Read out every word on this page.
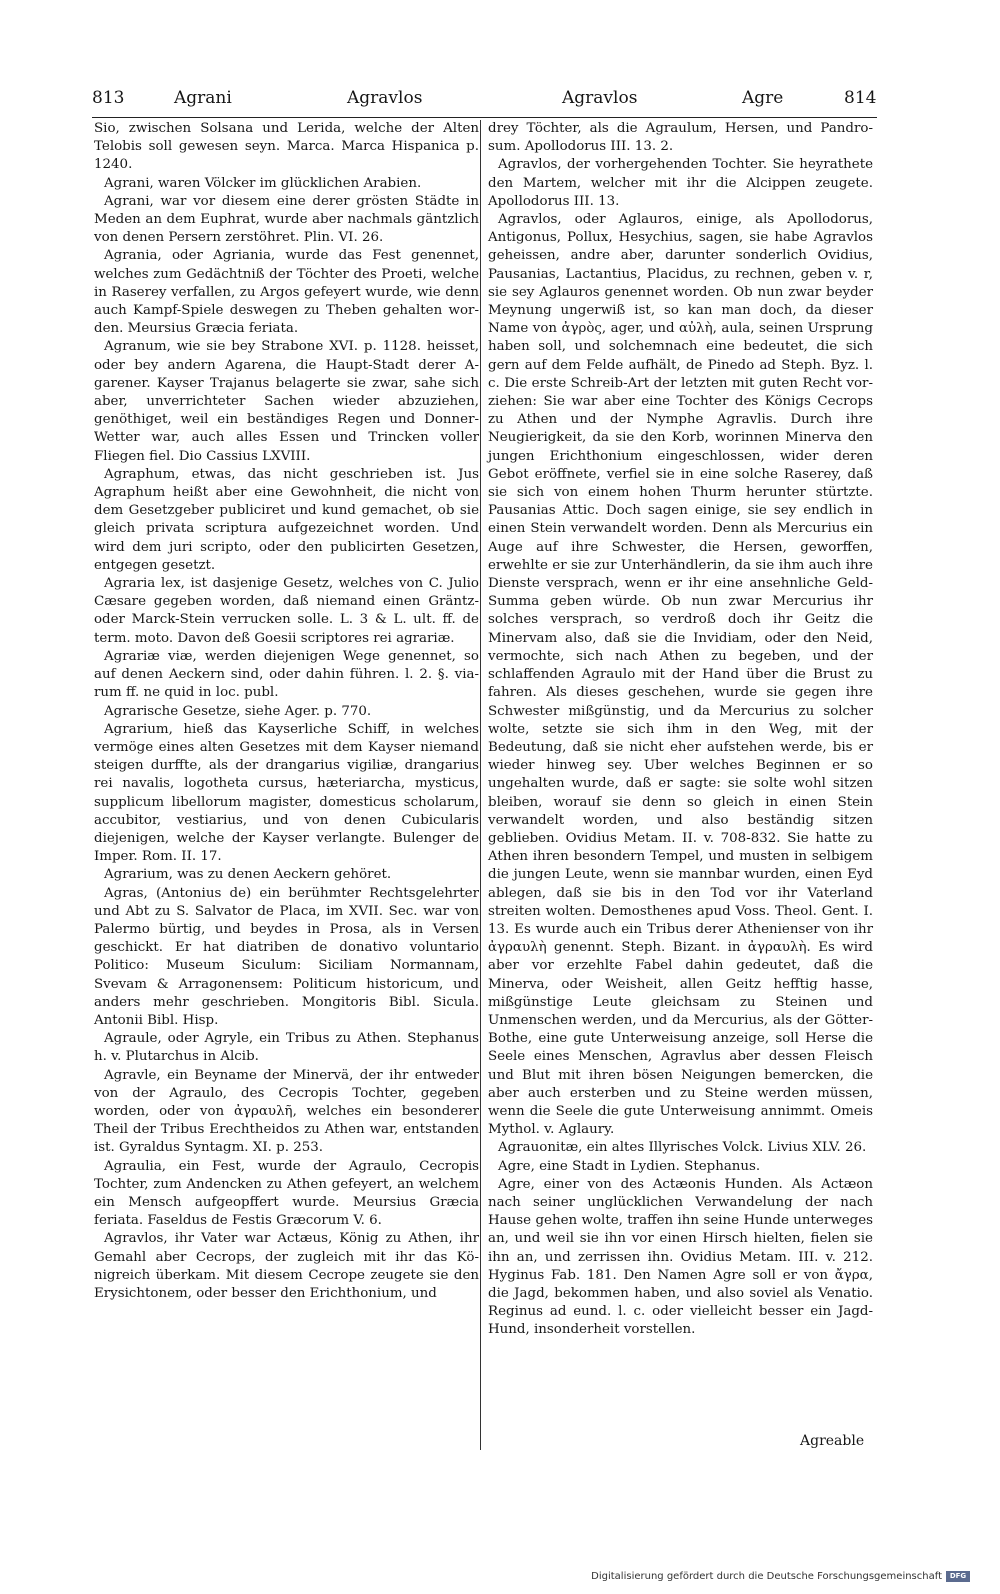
813	Agrani	Agravlos	Agravlos	Agre	814

Sio, zwischen Solsana und Lerida, welche der Alten Telobis soll gewesen seyn. Marca. Marca Hispanica p. 1240.

Agrani, waren Völcker im glücklichen Arabien.

Agrani, war vor diesem eine derer grösten Städte in Meden an dem Euphrat, wurde aber nachmals gäntzlich von denen Persern zerstöhret. Plin. VI. 26.

Agrania, oder Agriania, wurde das Fest genennet, welches zum Gedächtniß der Töchter des Proeti, welche in Raserey verfallen, zu Argos gefeyert wurde, wie denn auch Kampf-Spiele deswegen zu Theben gehalten worden. Meursius Græcia feriata.

Agranum, wie sie bey Strabone XVI. p. 1128. heisset, oder bey andern Agarena, die Haupt-Stadt derer Agarener. Kayser Trajanus belagerte sie zwar, sahe sich aber, unverrichteter Sachen wieder abzuziehen, genöthiget, weil ein beständiges Regen und Donner-Wetter war, auch alles Essen und Trincken voller Fliegen fiel. Dio Cassius LXVIII.

Agraphum, etwas, das nicht geschrieben ist. Jus Agraphum heißt aber eine Gewohnheit, die nicht von dem Gesetzgeber publiciret und kund gemachet, ob sie gleich privata scriptura aufgezeichnet worden. Und wird dem juri scripto, oder den publicirten Gesetzen, entgegen gesetzt.

Agraria lex, ist dasjenige Gesetz, welches von C. Julio Cæsare gegeben worden, daß niemand einen Gräntzoder Marck-Stein verrucken solle. L. 3 & L. ult. ff. de term. moto. Davon deß Goesii scriptores rei agrariæ.

Agrariæ viæ, werden diejenigen Wege genennet, so auf denen Aeckern sind, oder dahin führen. l. 2. §. viarum ff. ne quid in loc. publ.

Agrarische Gesetze, siehe Ager. p. 770.

Agrarium, hieß das Kayserliche Schiff, in welches vermöge eines alten Gesetzes mit dem Kayser niemand steigen durffte, als der drangarius vigiliæ, drangarius rei navalis, logotheta cursus, hæteriarcha, mysticus, supplicum libellorum magister, domesticus scholarum, accubitor, vestiarius, und von denen Cubicularis diejenigen, welche der Kayser verlangte. Bulenger de Imper. Rom. II. 17.

Agrarium, was zu denen Aeckern gehöret.

Agras, (Antonius de) ein berühmter Rechtsgelehrter und Abt zu S. Salvator de Placa, im XVII. Sec. war von Palermo bürtig, und beydes in Prosa, als in Versen geschickt. Er hat diatriben de donativo voluntario Politico: Museum Siculum: Siciliam Normannam, Svevam & Arragonensem: Politicum historicum, und anders mehr geschrieben. Mongitoris Bibl. Sicula. Antonii Bibl. Hisp.

Agraule, oder Agryle, ein Tribus zu Athen. Stephanus h. v. Plutarchus in Alcib.

Agravle, ein Beyname der Minervä, der ihr entweder von der Agraulo, des Cecropis Tochter, gegeben worden, oder von ἀγραυλῆ, welches ein besonderer Theil der Tribus Erechtheidos zu Athen war, entstanden ist. Gyraldus Syntagm. XI. p. 253.

Agraulia, ein Fest, wurde der Agraulo, Cecropis Tochter, zum Andencken zu Athen gefeyert, an welchem ein Mensch aufgeopffert wurde. Meursius Græcia feriata. Faseldus de Festis Græcorum V. 6.

Agravlos, ihr Vater war Actæus, König zu Athen, ihr Gemahl aber Cecrops, der zugleich mit ihr das Königreich überkam. Mit diesem Cecrope zeugete sie den Erysichtonem, oder besser den Erichthonium, und

drey Töchter, als die Agraulum, Hersen, und Pandrosum. Apollodorus III. 13. 2.

Agravlos, der vorhergehenden Tochter. Sie heyrathete den Martem, welcher mit ihr die Alcippen zeugete. Apollodorus III. 13.

Agravlos, oder Aglauros, einige, als Apollodorus, Antigonus, Pollux, Hesychius, sagen, sie habe Agravlos geheissen, andre aber, darunter sonderlich Ovidius, Pausanias, Lactantius, Placidus, zu rechnen, geben v. r, sie sey Aglauros genennet worden. Ob nun zwar beyder Meynung ungerwiß ist, so kan man doch, da dieser Name von ἀγρὸς, ager, und αὐλὴ, aula, seinen Ursprung haben soll, und solchemnach eine bedeutet, die sich gern auf dem Felde aufhält, de Pinedo ad Steph. Byz. l. c. Die erste Schreib-Art der letzten mit guten Recht vorziehen: Sie war aber eine Tochter des Königs Cecrops zu Athen und der Nymphe Agravlis. Durch ihre Neugierigkeit, da sie den Korb, worinnen Minerva den jungen Erichthonium eingeschlossen, wider deren Gebot eröffnete, verfiel sie in eine solche Raserey, daß sie sich von einem hohen Thurm herunter stürtzte. Pausanias Attic. Doch sagen einige, sie sey endlich in einen Stein verwandelt worden. Denn als Mercurius ein Auge auf ihre Schwester, die Hersen, geworffen, erwehlte er sie zur Unterhändlerin, da sie ihm auch ihre Dienste versprach, wenn er ihr eine ansehnliche Geld-Summa geben würde. Ob nun zwar Mercurius ihr solches versprach, so verdroß doch ihr Geitz die Minervam also, daß sie die Invidiam, oder den Neid, vermochte, sich nach Athen zu begeben, und der schlaffenden Agraulo mit der Hand über die Brust zu fahren. Als dieses geschehen, wurde sie gegen ihre Schwester mißgünstig, und da Mercurius zu solcher wolte, setzte sie sich ihm in den Weg, mit der Bedeutung, daß sie nicht eher aufstehen werde, bis er wieder hinweg sey. Uber welches Beginnen er so ungehalten wurde, daß er sagte: sie solte wohl sitzen bleiben, worauf sie denn so gleich in einen Stein verwandelt worden, und also beständig sitzen geblieben. Ovidius Metam. II. v. 708-832. Sie hatte zu Athen ihren besondern Tempel, und musten in selbigem die jungen Leute, wenn sie mannbar wurden, einen Eyd ablegen, daß sie bis in den Tod vor ihr Vaterland streiten wolten. Demosthenes apud Voss. Theol. Gent. I. 13. Es wurde auch ein Tribus derer Athenienser von ihr ἀγραυλὴ genennt. Steph. Bizant. in ἀγραυλὴ. Es wird aber vor erzehlte Fabel dahin gedeutet, daß die Minerva, oder Weisheit, allen Geitz hefftig hasse, mißgünstige Leute gleichsam zu Steinen und Unmenschen werden, und da Mercurius, als der Götter-Bothe, eine gute Unterweisung anzeige, soll Herse die Seele eines Menschen, Agravlus aber dessen Fleisch und Blut mit ihren bösen Neigungen bemercken, die aber auch ersterben und zu Steine werden müssen, wenn die Seele die gute Unterweisung annimmt. Omeis Mythol. v. Aglaury.

Agrauonitæ, ein altes Illyrisches Volck. Livius XLV. 26.

Agre, eine Stadt in Lydien. Stephanus.

Agre, einer von des Actæonis Hunden. Als Actæon nach seiner unglücklichen Verwandelung der nach Hause gehen wolte, traffen ihn seine Hunde unterweges an, und weil sie ihn vor einen Hirsch hielten, fielen sie ihn an, und zerrissen ihn. Ovidius Metam. III. v. 212. Hyginus Fab. 181. Den Namen Agre soll er von ἄγρα, die Jagd, bekommen haben, und also soviel als Venatio. Reginus ad eund. l. c. oder vielleicht besser ein Jagd-Hund, insonderheit vorstellen.

Agreable
Digitalisierung gefördert durch die Deutsche Forschungsgemeinschaft	DFG
